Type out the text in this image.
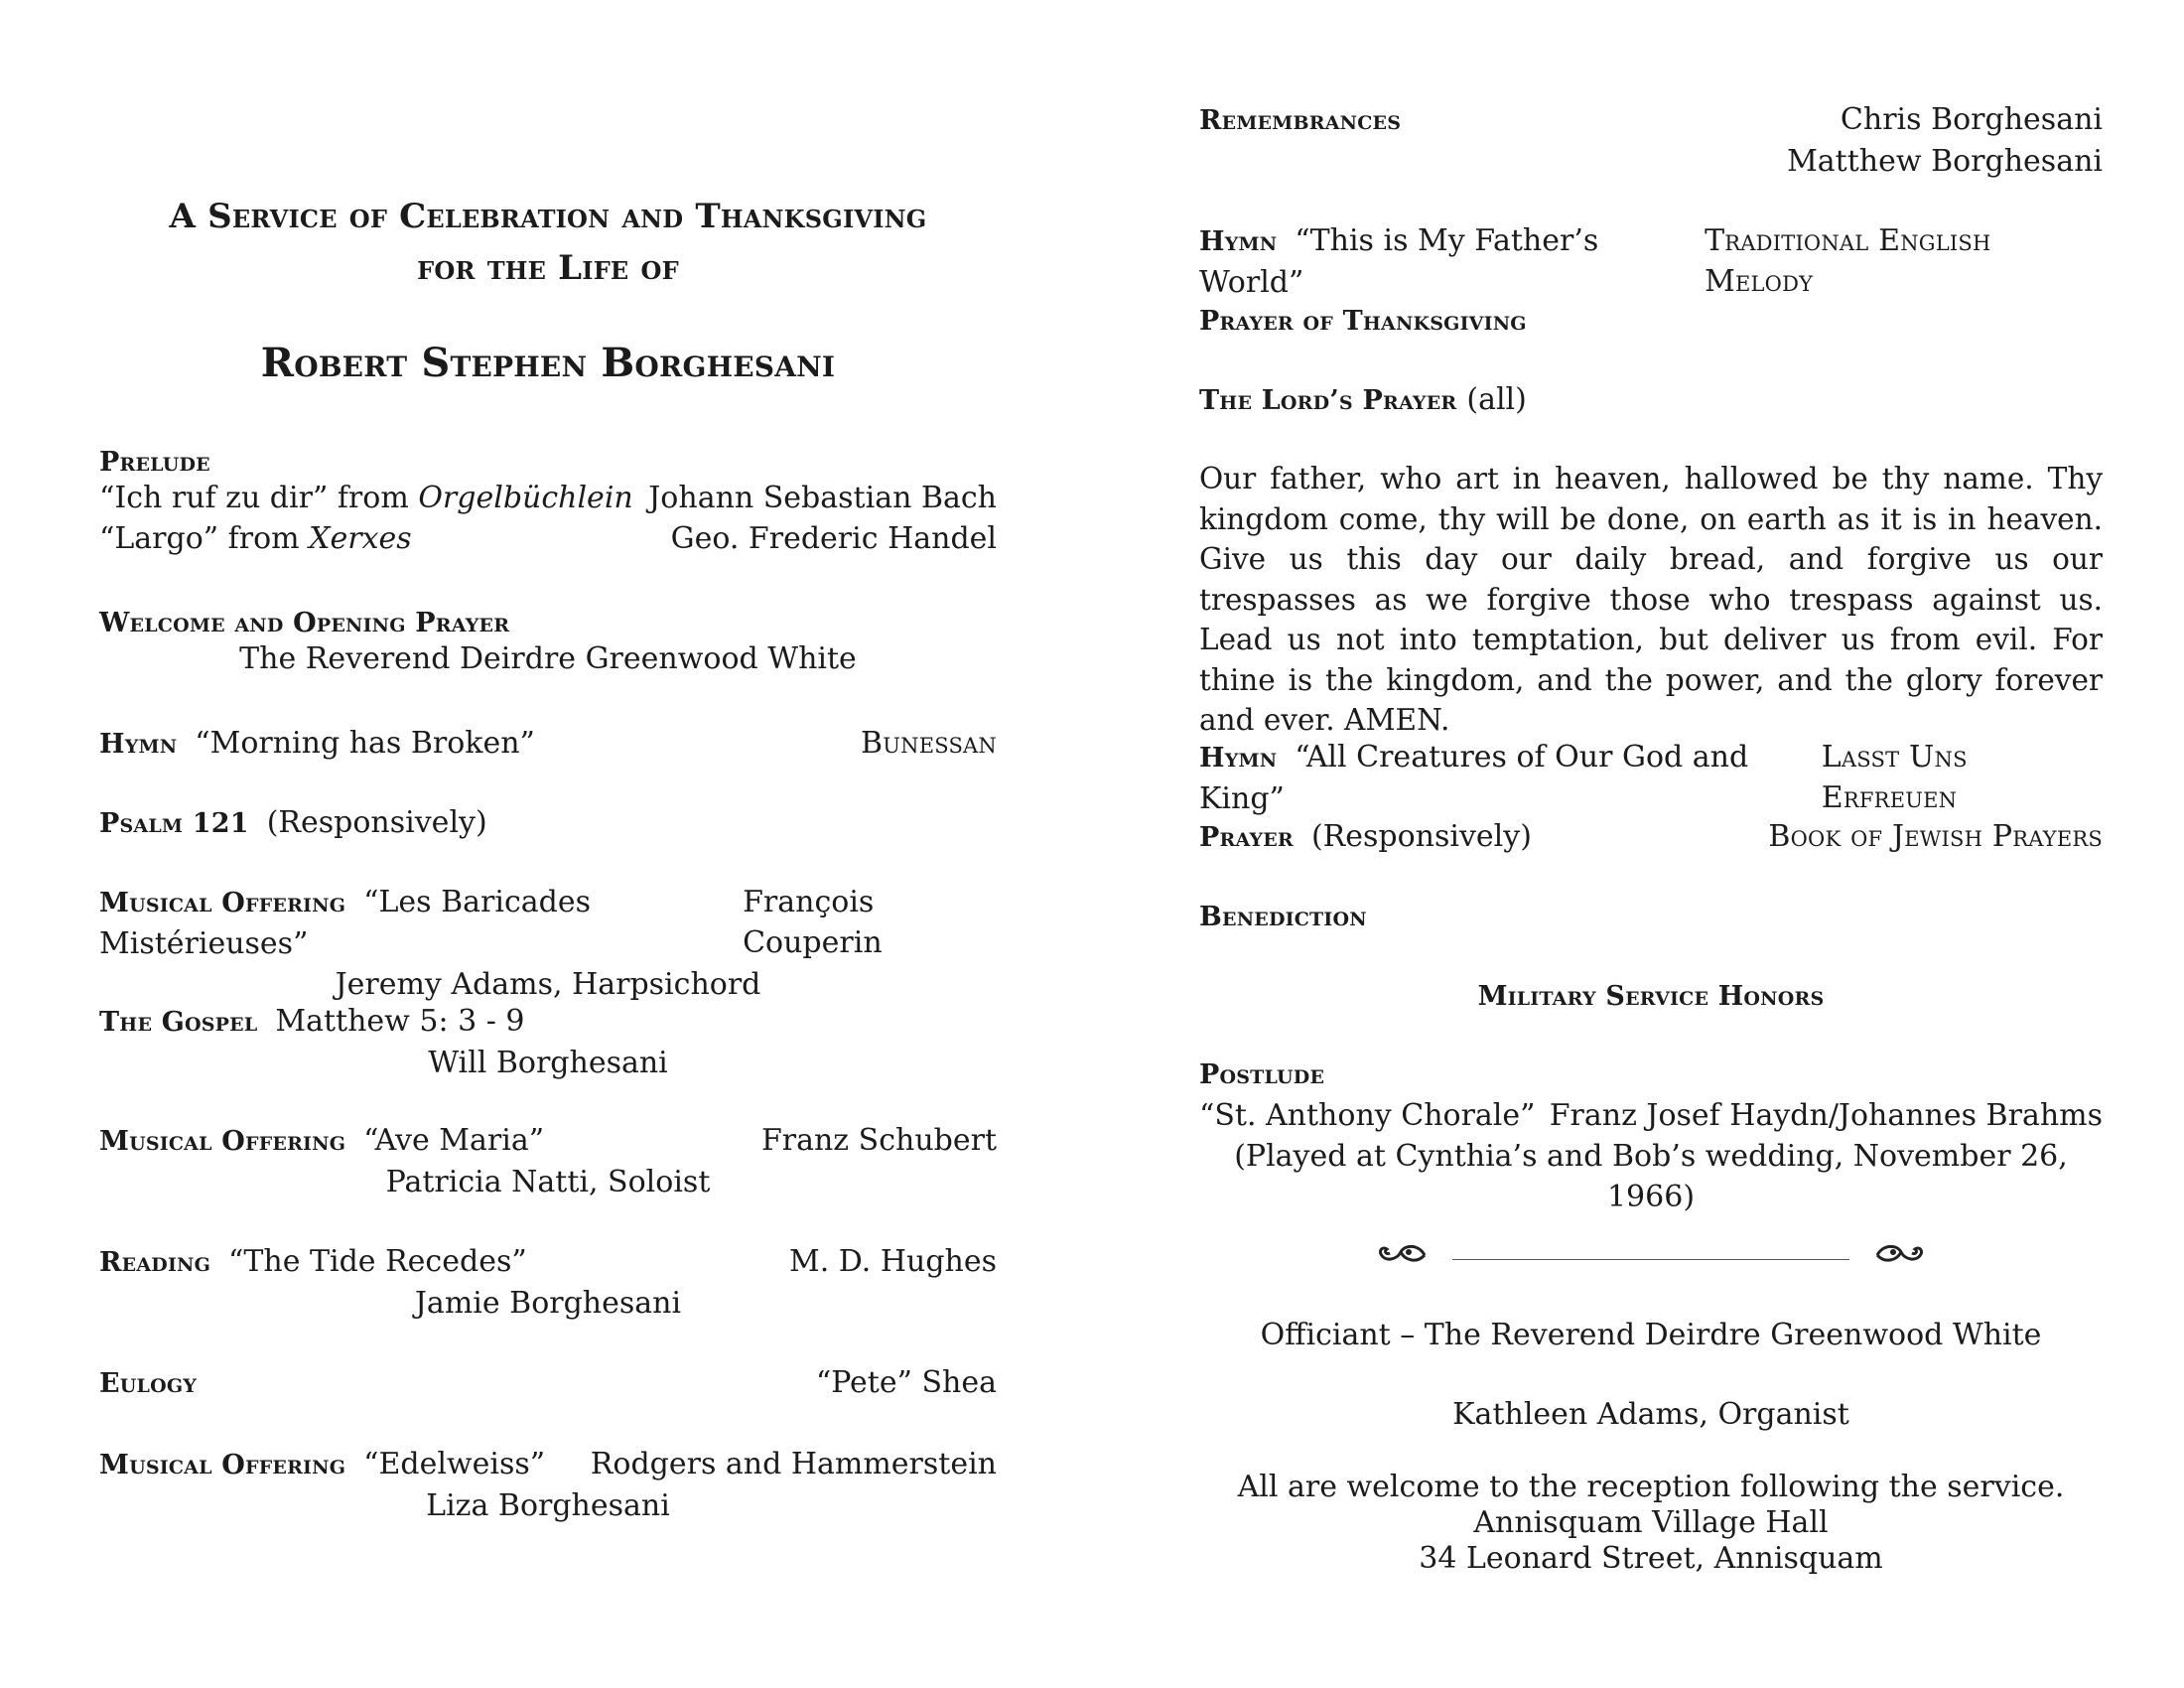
A Service of Celebration and Thanksgiving
for the Life of
Robert Stephen Borghesani
Prelude
“Ich ruf zu dir” from Orgelbüchlein Johann Sebastian Bach
“Largo” from Xerxes	Geo. Frederic Handel
Welcome and Opening Prayer
The Reverend Deirdre Greenwood White
Hymn “Morning has Broken”	Bunessan
Psalm 121 (Responsively)
Musical Offering “Les Baricades Mistérieuses”
François Couperin
Jeremy Adams, Harpsichord
The Gospel Matthew 5: 3 - 9
Will Borghesani
Musical Offering “Ave Maria”	Franz Schubert
Patricia Natti, Soloist
Reading “The Tide Recedes”	M. D. Hughes
Jamie Borghesani
Eulogy	“Pete” Shea
Musical Offering “Edelweiss” Rodgers and Hammerstein
Liza Borghesani
Remembrances	Chris Borghesani
Matthew Borghesani
Hymn “This is My Father’s World”
Traditional English Melody
Prayer of Thanksgiving
The Lord’s Prayer (all)
Our father, who art in heaven, hallowed be thy name. Thy kingdom come, thy will be done, on earth as it is in heaven. Give us this day our daily bread, and forgive us our trespasses as we forgive those who trespass against us. Lead us not into temptation, but deliver us from evil. For thine is the kingdom, and the power, and the glory forever and ever. AMEN.
Hymn “All Creatures of Our God and King”
Lasst Uns Erfreuen
Prayer (Responsively)	Book of Jewish Prayers
Benediction
Military Service Honors
Postlude
“St. Anthony Chorale” Franz Josef Haydn/Johannes Brahms
(Played at Cynthia’s and Bob’s wedding, November 26, 1966)
Officiant – The Reverend Deirdre Greenwood White
Kathleen Adams, Organist
All are welcome to the reception following the service.
Annisquam Village Hall
34 Leonard Street, Annisquam
